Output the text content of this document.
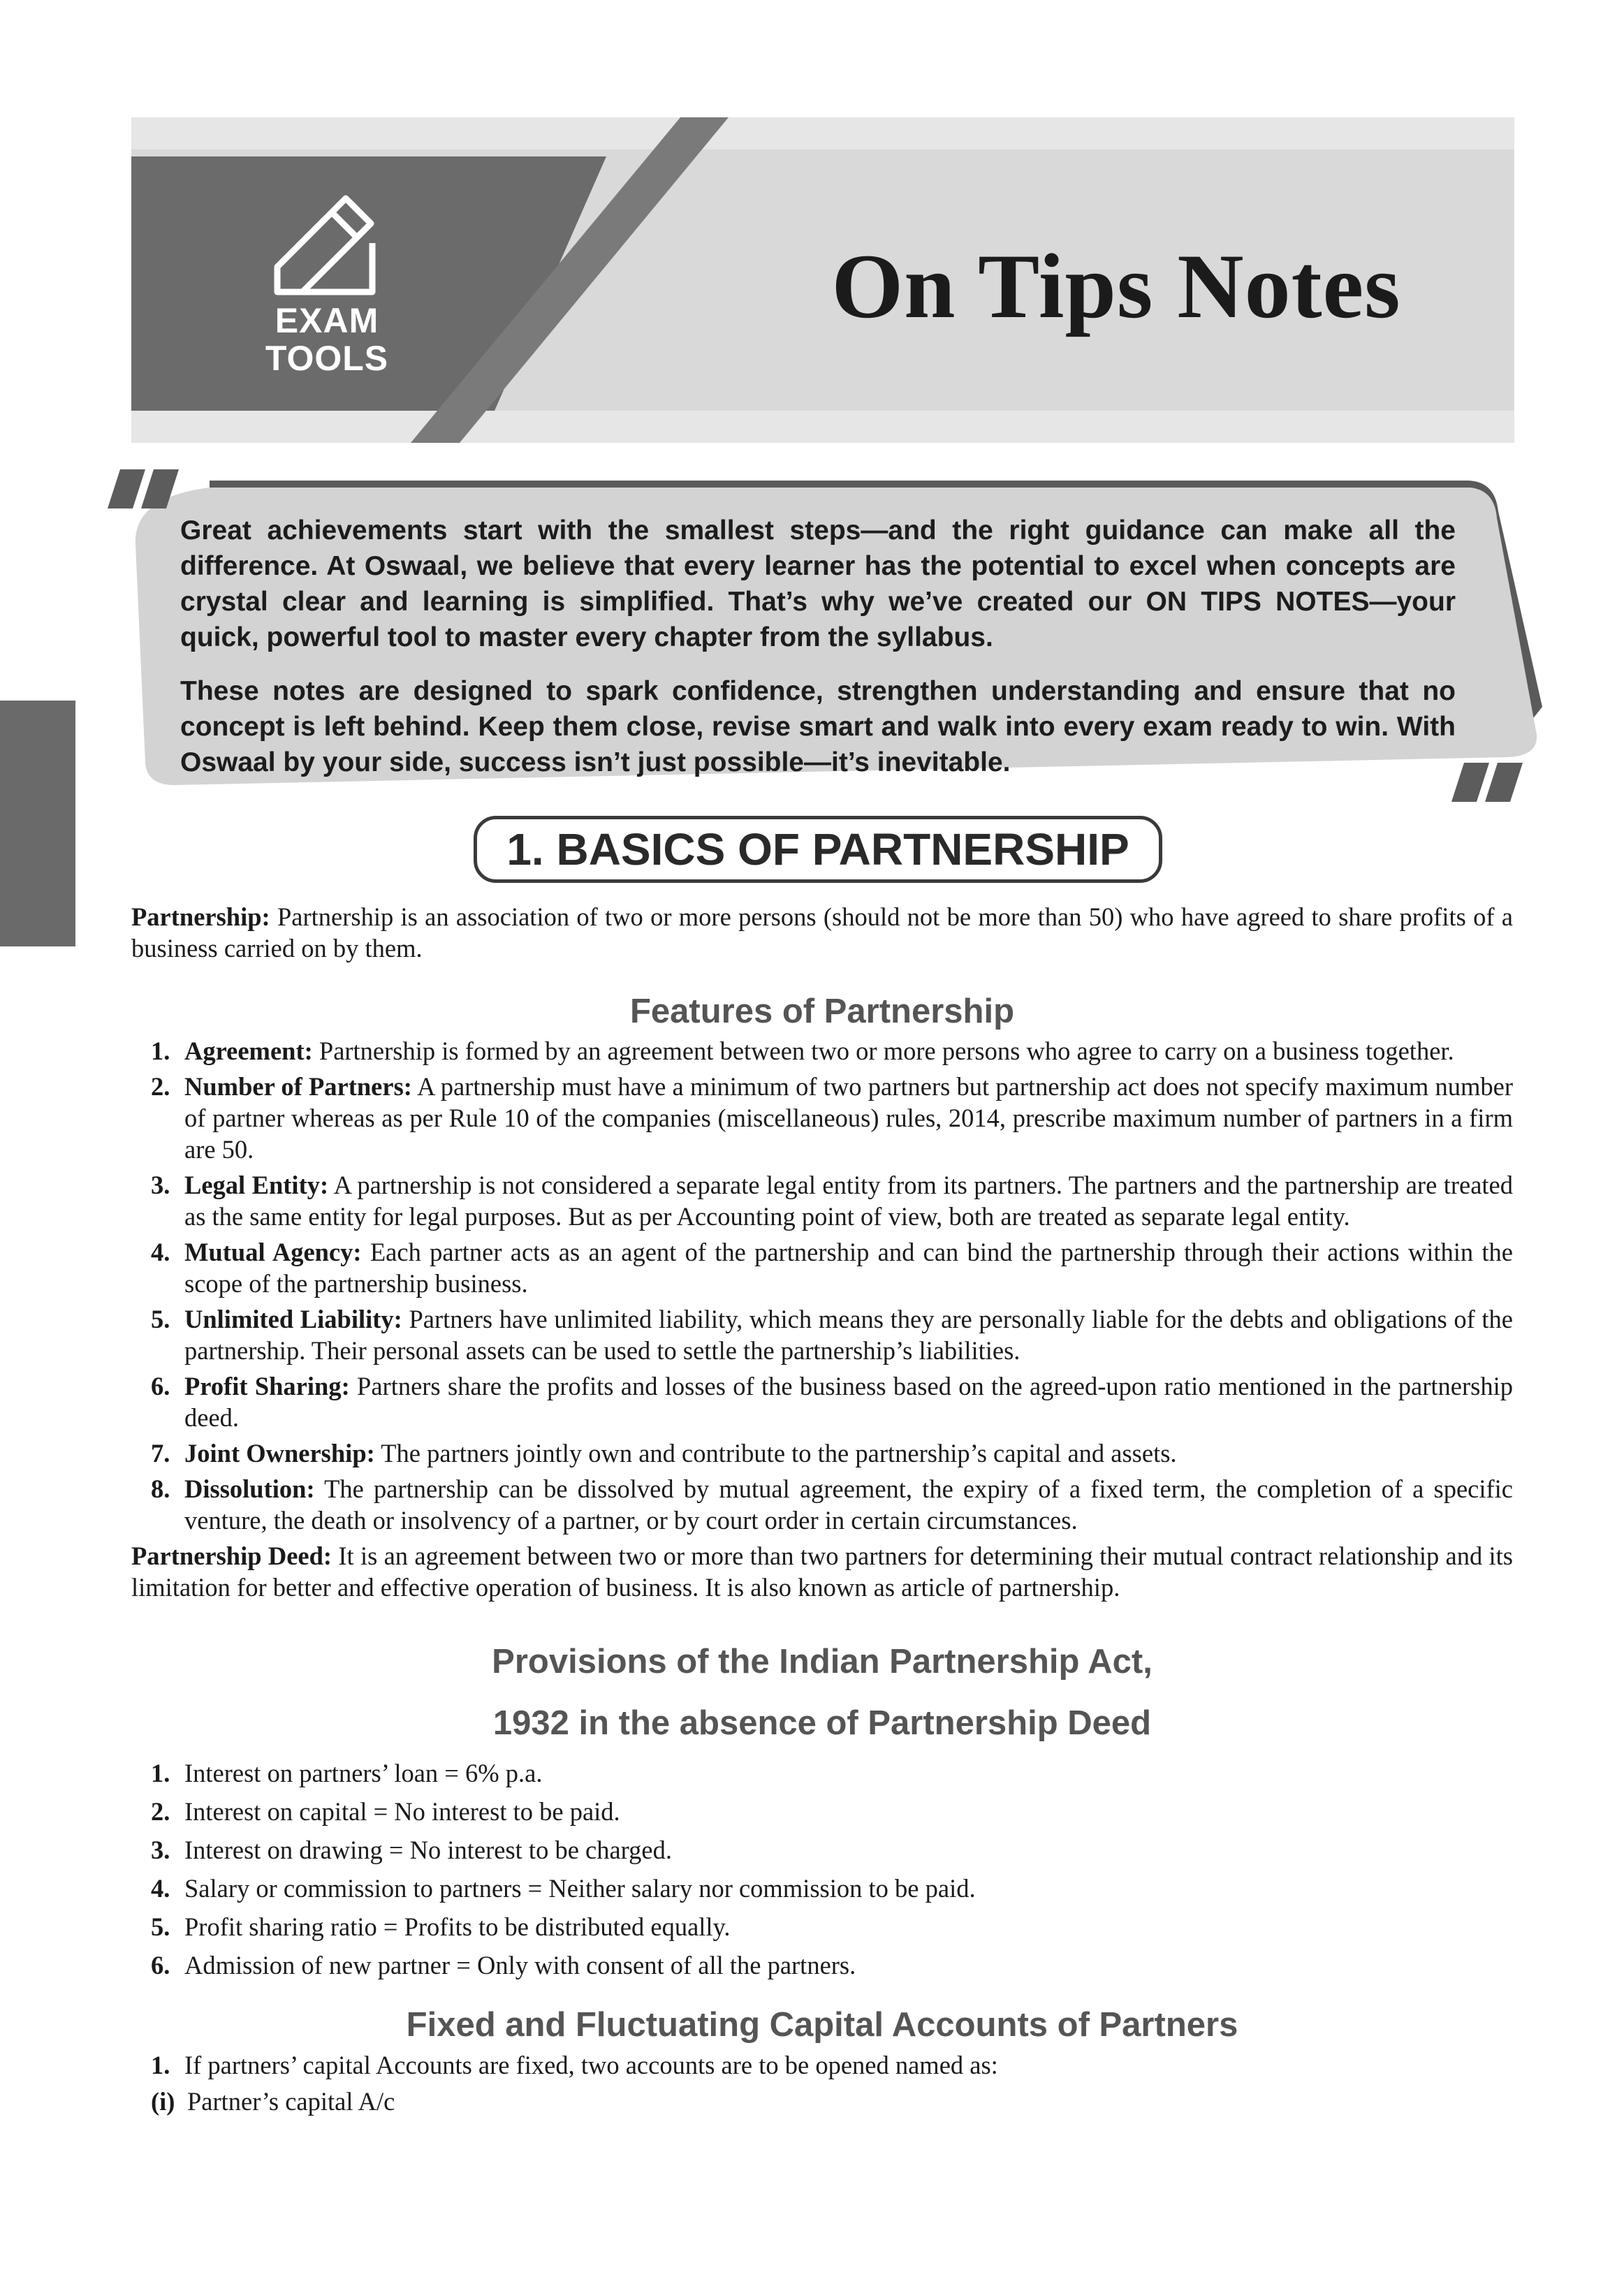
EXAM
TOOLS
On Tips Notes

Great achievements start with the smallest steps—and the right guidance can make all the difference. At Oswaal, we believe that every learner has the potential to excel when concepts are crystal clear and learning is simplified. That’s why we’ve created our ON TIPS NOTES—your quick, powerful tool to master every chapter from the syllabus.

These notes are designed to spark confidence, strengthen understanding and ensure that no concept is left behind. Keep them close, revise smart and walk into every exam ready to win. With Oswaal by your side, success isn’t just possible—it’s inevitable.

1. BASICS OF PARTNERSHIP

Partnership: Partnership is an association of two or more persons (should not be more than 50) who have agreed to share profits of a business carried on by them.

Features of Partnership
1. Agreement: Partnership is formed by an agreement between two or more persons who agree to carry on a business together.
2. Number of Partners: A partnership must have a minimum of two partners but partnership act does not specify maximum number of partner whereas as per Rule 10 of the companies (miscellaneous) rules, 2014, prescribe maximum number of partners in a firm are 50.
3. Legal Entity: A partnership is not considered a separate legal entity from its partners. The partners and the partnership are treated as the same entity for legal purposes. But as per Accounting point of view, both are treated as separate legal entity.
4. Mutual Agency: Each partner acts as an agent of the partnership and can bind the partnership through their actions within the scope of the partnership business.
5. Unlimited Liability: Partners have unlimited liability, which means they are personally liable for the debts and obligations of the partnership. Their personal assets can be used to settle the partnership’s liabilities.
6. Profit Sharing: Partners share the profits and losses of the business based on the agreed-upon ratio mentioned in the partnership deed.
7. Joint Ownership: The partners jointly own and contribute to the partnership’s capital and assets.
8. Dissolution: The partnership can be dissolved by mutual agreement, the expiry of a fixed term, the completion of a specific venture, the death or insolvency of a partner, or by court order in certain circumstances.

Partnership Deed: It is an agreement between two or more than two partners for determining their mutual contract relationship and its limitation for better and effective operation of business. It is also known as article of partnership.

Provisions of the Indian Partnership Act,
1932 in the absence of Partnership Deed
1. Interest on partners’ loan = 6% p.a.
2. Interest on capital = No interest to be paid.
3. Interest on drawing = No interest to be charged.
4. Salary or commission to partners = Neither salary nor commission to be paid.
5. Profit sharing ratio = Profits to be distributed equally.
6. Admission of new partner = Only with consent of all the partners.
Fixed and Fluctuating Capital Accounts of Partners
1. If partners’ capital Accounts are fixed, two accounts are to be opened named as:
(i) Partner’s capital A/c
